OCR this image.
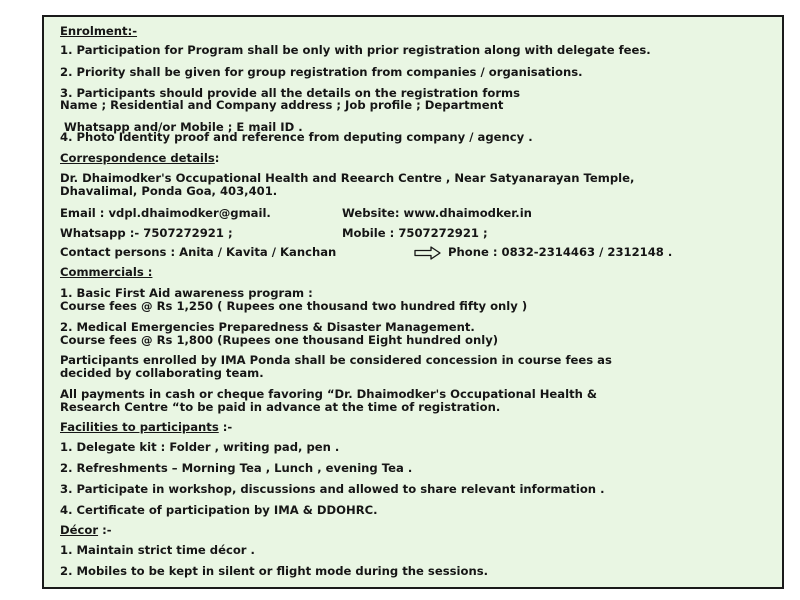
Enrolment:-
1. Participation for Program shall be only with prior registration along with delegate fees.
2. Priority shall be given for group registration from companies / organisations.
3. Participants should provide all the details on the registration forms
Name ; Residential and Company address ; Job profile ; Department
Whatsapp and/or Mobile ; E mail ID .
4. Photo Identity proof and reference from deputing company / agency .
Correspondence details:
Dr. Dhaimodker's Occupational Health and Reearch Centre , Near Satyanarayan Temple,
Dhavalimal, Ponda Goa, 403,401.
Email : vdpl.dhaimodker@gmail.	Website: www.dhaimodker.in
Whatsapp :- 7507272921 ;	Mobile : 7507272921 ;
Contact persons : Anita / Kavita / Kanchan	Phone : 0832-2314463 / 2312148 .
Commercials :
1. Basic First Aid awareness program :
Course fees @ Rs 1,250 ( Rupees one thousand two hundred fifty only )
2. Medical Emergencies Preparedness & Disaster Management.
Course fees @ Rs 1,800 (Rupees one thousand Eight hundred only)
Participants enrolled by IMA Ponda shall be considered concession in course fees as
decided by collaborating team.
All payments in cash or cheque favoring “Dr. Dhaimodker's Occupational Health &
Research Centre “to be paid in advance at the time of registration.
Facilities to participants :-
1. Delegate kit : Folder , writing pad, pen .
2. Refreshments – Morning Tea , Lunch , evening Tea .
3. Participate in workshop, discussions and allowed to share relevant information .
4. Certificate of participation by IMA & DDOHRC.
Décor :-
1. Maintain strict time décor .
2. Mobiles to be kept in silent or flight mode during the sessions.
